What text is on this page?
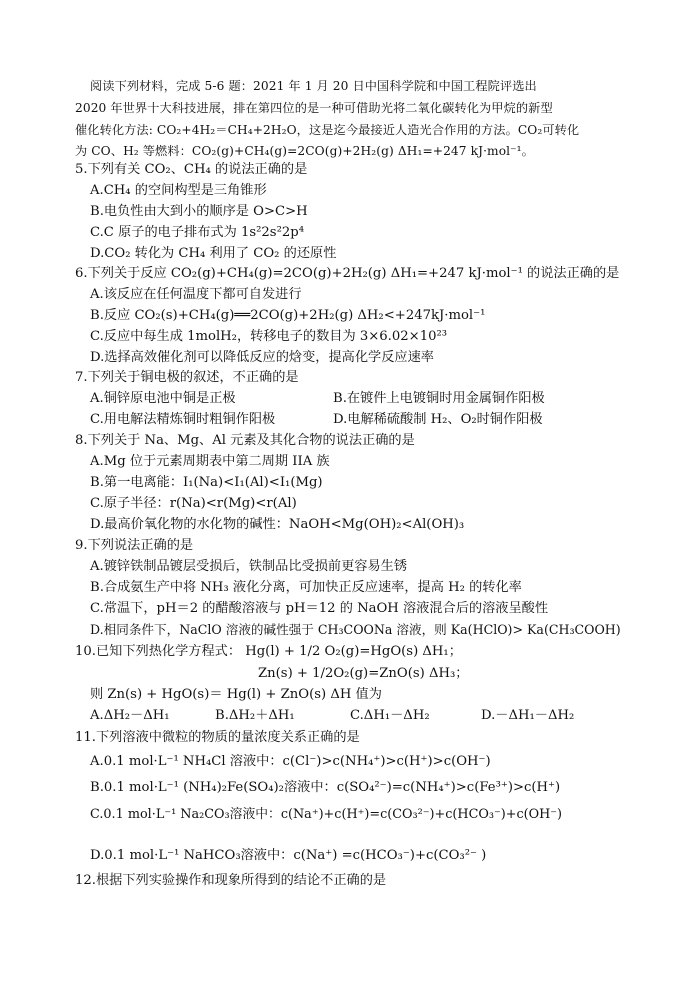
阅读下列材料，完成 5-6 题：2021 年 1 月 20 日中国科学院和中国工程院评选出
2020 年世界十大科技进展，排在第四位的是一种可借助光将二氧化碳转化为甲烷的新型
催化转化方法: CO₂+4H₂＝CH₄+2H₂O，这是迄今最接近人造光合作用的方法。CO₂可转化
为 CO、H₂ 等燃料：CO₂(g)+CH₄(g)=2CO(g)+2H₂(g) ΔH₁=+247 kJ·mol⁻¹。
5.下列有关 CO₂、CH₄ 的说法正确的是
A.CH₄ 的空间构型是三角锥形
B.电负性由大到小的顺序是 O>C>H
C.C 原子的电子排布式为 1s²2s²2p⁴
D.CO₂ 转化为 CH₄ 利用了 CO₂ 的还原性
6.下列关于反应 CO₂(g)+CH₄(g)=2CO(g)+2H₂(g) ΔH₁=+247 kJ·mol⁻¹ 的说法正确的是
A.该反应在任何温度下都可自发进行
B.反应 CO₂(s)+CH₄(g)══2CO(g)+2H₂(g) ΔH₂<+247kJ·mol⁻¹
C.反应中每生成 1molH₂，转移电子的数目为 3×6.02×10²³
D.选择高效催化剂可以降低反应的焓变，提高化学反应速率
7.下列关于铜电极的叙述，不正确的是
A.铜锌原电池中铜是正极	B.在镀件上电镀铜时用金属铜作阳极
C.用电解法精炼铜时粗铜作阳极	D.电解稀硫酸制 H₂、O₂时铜作阳极
8.下列关于 Na、Mg、Al 元素及其化合物的说法正确的是
A.Mg 位于元素周期表中第二周期 IIA 族
B.第一电离能：I₁(Na)<I₁(Al)<I₁(Mg)
C.原子半径：r(Na)<r(Mg)<r(Al)
D.最高价氧化物的水化物的碱性：NaOH<Mg(OH)₂<Al(OH)₃
9.下列说法正确的是
A.镀锌铁制品镀层受损后，铁制品比受损前更容易生锈
B.合成氨生产中将 NH₃ 液化分离，可加快正反应速率，提高 H₂ 的转化率
C.常温下，pH＝2 的醋酸溶液与 pH＝12 的 NaOH 溶液混合后的溶液呈酸性
D.相同条件下，NaClO 溶液的碱性强于 CH₃COONa 溶液，则 Ka(HClO)> Ka(CH₃COOH)
10.已知下列热化学方程式： Hg(l) + 1/2 O₂(g)=HgO(s) ΔH₁；
Zn(s) + 1/2O₂(g)=ZnO(s) ΔH₃；
则 Zn(s) + HgO(s)＝ Hg(l) + ZnO(s) ΔH 值为
A.ΔH₂－ΔH₁	B.ΔH₂＋ΔH₁	C.ΔH₁－ΔH₂	D.－ΔH₁－ΔH₂
11.下列溶液中微粒的物质的量浓度关系正确的是
A.0.1 mol·L⁻¹ NH₄Cl 溶液中：c(Cl⁻)>c(NH₄⁺)>c(H⁺)>c(OH⁻)
B.0.1 mol·L⁻¹ (NH₄)₂Fe(SO₄)₂溶液中：c(SO₄²⁻)=c(NH₄⁺)>c(Fe³⁺)>c(H⁺)
C.0.1 mol·L⁻¹ Na₂CO₃溶液中：c(Na⁺)+c(H⁺)=c(CO₃²⁻)+c(HCO₃⁻)+c(OH⁻)
D.0.1 mol·L⁻¹ NaHCO₃溶液中：c(Na⁺) =c(HCO₃⁻)+c(CO₃²⁻ )
12.根据下列实验操作和现象所得到的结论不正确的是
